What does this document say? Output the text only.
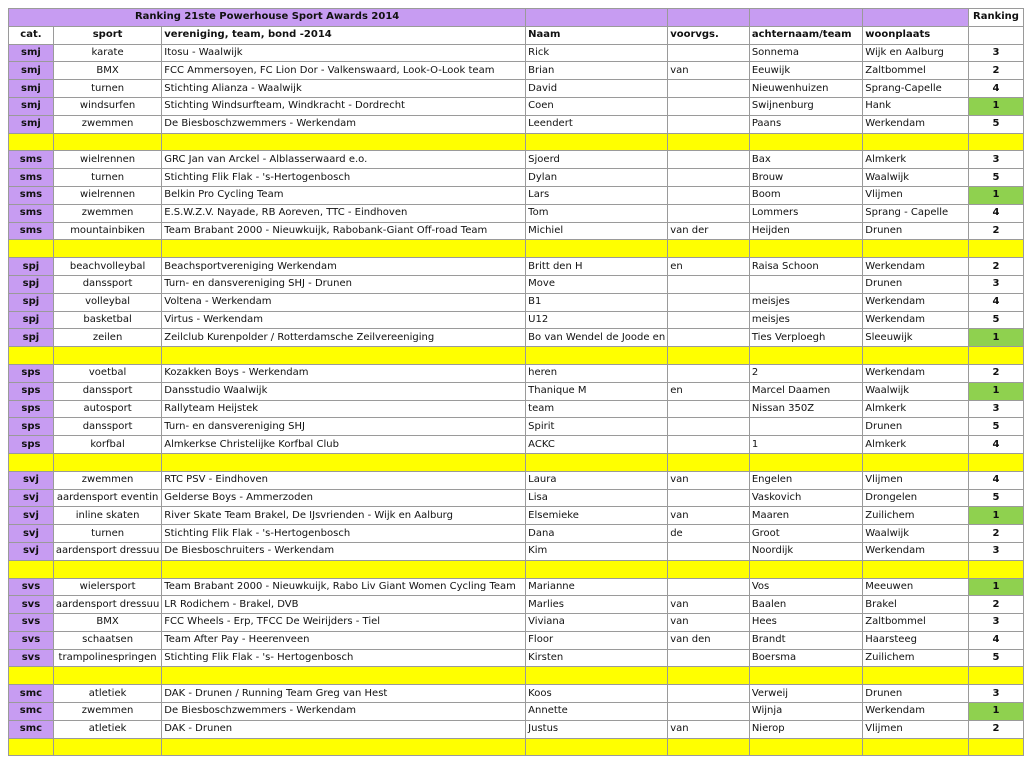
Ranking 21ste Powerhouse Sport Awards 2014							Ranking
cat.	sport	vereniging, team, bond -2014	Naam	voorvgs.	achternaam/team	woonplaats	
smj	karate	Itosu - Waalwijk	Rick		Sonnema	Wijk en Aalburg	3
smj	BMX	FCC Ammersoyen, FC Lion Dor - Valkenswaard, Look-O-Look team	Brian	van	Eeuwijk	Zaltbommel	2
smj	turnen	Stichting Alianza - Waalwijk	David		Nieuwenhuizen	Sprang-Capelle	4
smj	windsurfen	Stichting Windsurfteam, Windkracht - Dordrecht	Coen		Swijnenburg	Hank	1
smj	zwemmen	De Biesboschzwemmers - Werkendam	Leendert		Paans	Werkendam	5

sms	wielrennen	GRC Jan van Arckel - Alblasserwaard e.o.	Sjoerd		Bax	Almkerk	3
sms	turnen	Stichting Flik Flak - 's-Hertogenbosch	Dylan		Brouw	Waalwijk	5
sms	wielrennen	Belkin Pro Cycling Team	Lars		Boom	Vlijmen	1
sms	zwemmen	E.S.W.Z.V. Nayade, RB Aoreven, TTC - Eindhoven	Tom		Lommers	Sprang - Capelle	4
sms	mountainbiken	Team Brabant 2000 - Nieuwkuijk, Rabobank-Giant Off-road Team	Michiel	van der	Heijden	Drunen	2

spj	beachvolleybal	Beachsportvereniging Werkendam	Britt den H	en	Raisa Schoon	Werkendam	2
spj	danssport	Turn- en dansvereniging SHJ - Drunen	Move			Drunen	3
spj	volleybal	Voltena - Werkendam	B1		meisjes	Werkendam	4
spj	basketbal	Virtus - Werkendam	U12		meisjes	Werkendam	5
spj	zeilen	Zeilclub Kurenpolder / Rotterdamsche Zeilvereeniging	Bo van Wendel de Joode en		Ties Verploegh	Sleeuwijk	1

sps	voetbal	Kozakken Boys - Werkendam	heren		2	Werkendam	2
sps	danssport	Dansstudio Waalwijk	Thanique M	en	Marcel Daamen	Waalwijk	1
sps	autosport	Rallyteam Heijstek	team		Nissan 350Z	Almkerk	3
sps	danssport	Turn- en dansvereniging SHJ	Spirit			Drunen	5
sps	korfbal	Almkerkse Christelijke Korfbal Club	ACKC		1	Almkerk	4

svj	zwemmen	RTC PSV - Eindhoven	Laura	van	Engelen	Vlijmen	4
svj	aardensport eventin	Gelderse Boys - Ammerzoden	Lisa		Vaskovich	Drongelen	5
svj	inline skaten	River Skate Team Brakel, De IJsvrienden - Wijk en Aalburg	Elsemieke	van	Maaren	Zuilichem	1
svj	turnen	Stichting Flik Flak - 's-Hertogenbosch	Dana	de	Groot	Waalwijk	2
svj	aardensport dressuu	De Biesboschruiters - Werkendam	Kim		Noordijk	Werkendam	3

svs	wielersport	Team Brabant 2000 - Nieuwkuijk, Rabo Liv Giant Women Cycling Team	Marianne		Vos	Meeuwen	1
svs	aardensport dressuu	LR Rodichem - Brakel, DVB	Marlies	van	Baalen	Brakel	2
svs	BMX	FCC Wheels - Erp, TFCC De Weirijders - Tiel	Viviana	van	Hees	Zaltbommel	3
svs	schaatsen	Team After Pay - Heerenveen	Floor	van den	Brandt	Haarsteeg	4
svs	trampolinespringen	Stichting Flik Flak - 's- Hertogenbosch	Kirsten		Boersma	Zuilichem	5

smc	atletiek	DAK - Drunen / Running Team Greg van Hest	Koos		Verweij	Drunen	3
smc	zwemmen	De Biesboschzwemmers - Werkendam	Annette		Wijnja	Werkendam	1
smc	atletiek	DAK - Drunen	Justus	van	Nierop	Vlijmen	2
